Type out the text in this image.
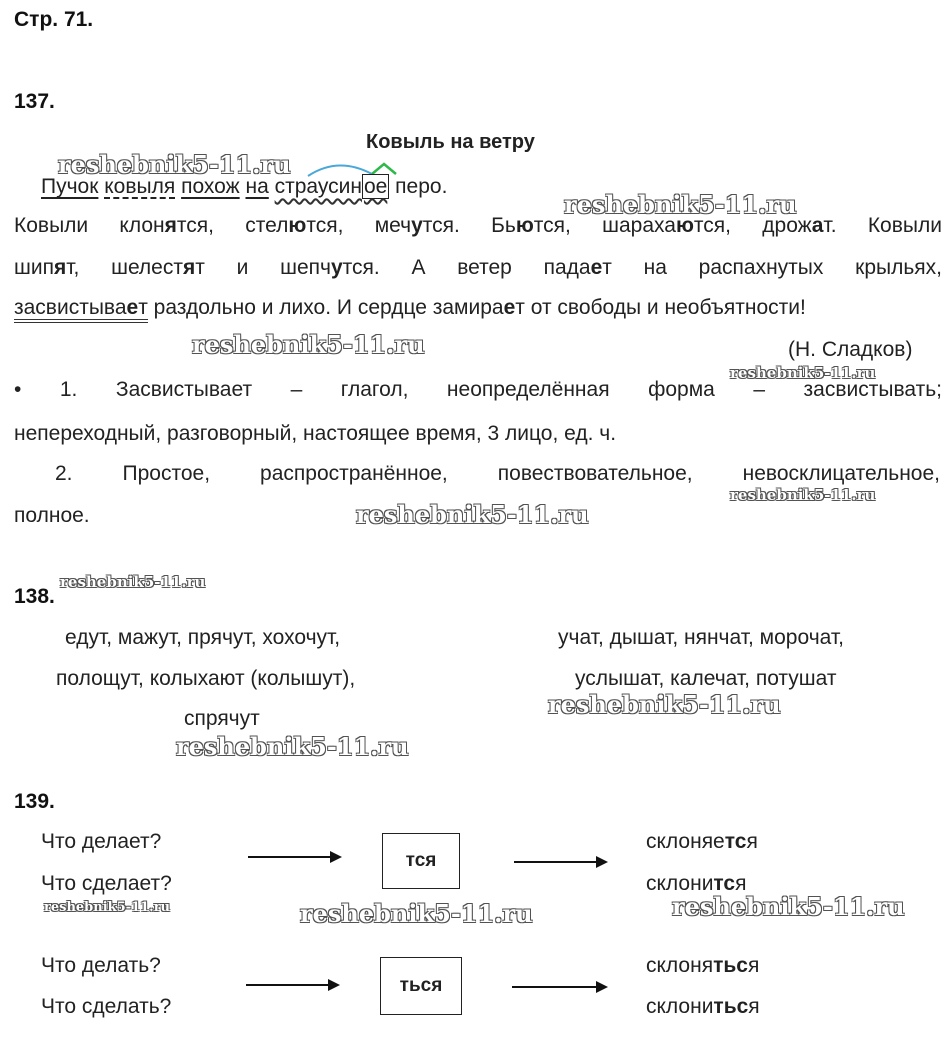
Стр. 71.
137.
Ковыль на ветру
Пучок ковыля похож на страусиное перо.
Ковыли клонятся, стелются, мечутся. Бьются, шарахаются, дрожат. Ковыли
шипят, шелестят и шепчутся. А ветер падает на распахнутых крыльях,
засвистывает раздольно и лихо. И сердце замирает от свободы и необъятности!
(Н. Сладков)
• 1. Засвистывает – глагол, неопределённая форма – засвистывать;
непереходный, разговорный, настоящее время, 3 лицо, ед. ч.
2. Простое, распространённое, повествовательное, невосклицательное,
полное.
138.
едут, мажут, прячут, хохочут,
полощут, колыхают (колышут),
спрячут
учат, дышат, нянчат, морочат,
услышат, калечат, потушат
139.
Что делает?
Что сделает?
тся
склоняется
склонится
Что делать?
Что сделать?
ться
склоняться
склониться
reshebnik5-11.ru
reshebnik5-11.ru
reshebnik5-11.ru
reshebnik5-11.ru
reshebnik5-11.ru
reshebnik5-11.ru
reshebnik5-11.ru
reshebnik5-11.ru
reshebnik5-11.ru
reshebnik5-11.ru	reshebnik5-11.ru	reshebnik5-11.ru
